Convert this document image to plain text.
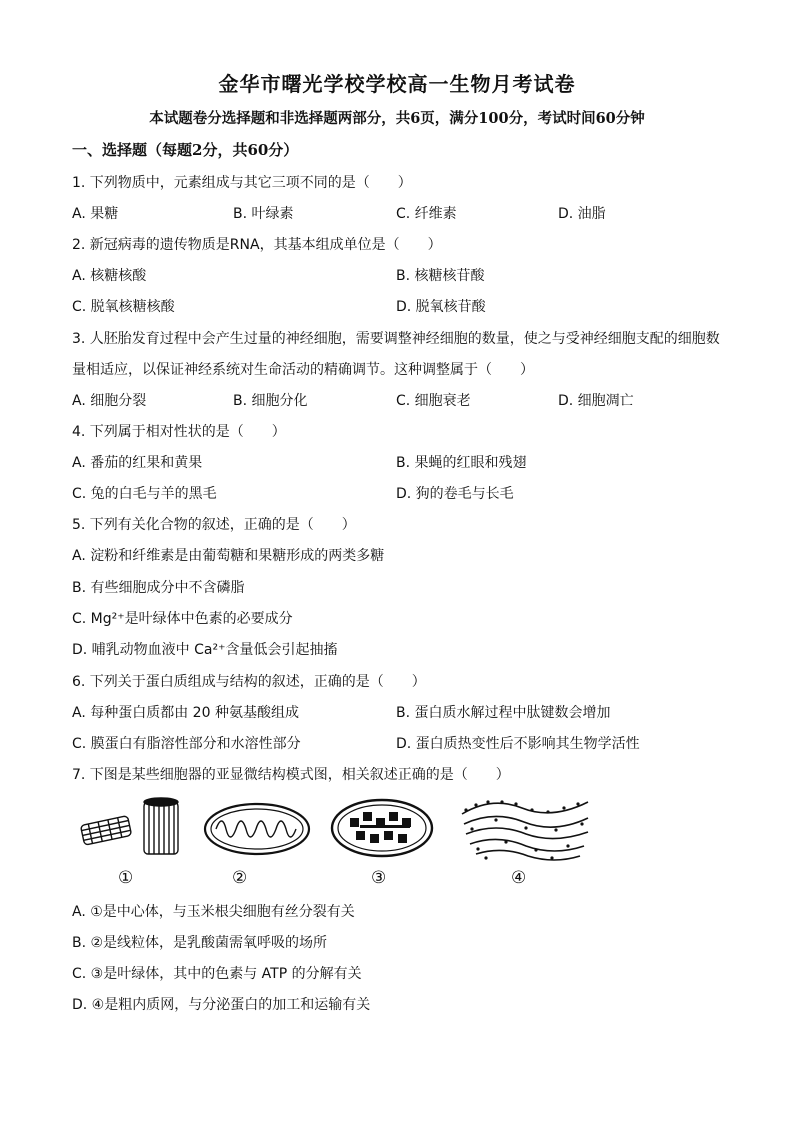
金华市曙光学校学校高一生物月考试卷
本试题卷分选择题和非选择题两部分，共6页，满分100分，考试时间60分钟
一、选择题（每题2分，共60分）
1. 下列物质中，元素组成与其它三项不同的是（　　）
A. 果糖	B. 叶绿素	C. 纤维素	D. 油脂
2. 新冠病毒的遗传物质是RNA，其基本组成单位是（　　）
A. 核糖核酸	B. 核糖核苷酸
C. 脱氧核糖核酸	D. 脱氧核苷酸
3. 人胚胎发育过程中会产生过量的神经细胞，需要调整神经细胞的数量，使之与受神经细胞支配的细胞数
量相适应，以保证神经系统对生命活动的精确调节。这种调整属于（　　）
A. 细胞分裂	B. 细胞分化	C. 细胞衰老	D. 细胞凋亡
4. 下列属于相对性状的是（　　）
A. 番茄的红果和黄果	B. 果蝇的红眼和残翅
C. 兔的白毛与羊的黑毛	D. 狗的卷毛与长毛
5. 下列有关化合物的叙述，正确的是（　　）
A. 淀粉和纤维素是由葡萄糖和果糖形成的两类多糖
B. 有些细胞成分中不含磷脂
C. Mg²⁺是叶绿体中色素的必要成分
D. 哺乳动物血液中 Ca²⁺含量低会引起抽搐
6. 下列关于蛋白质组成与结构的叙述，正确的是（　　）
A. 每种蛋白质都由 20 种氨基酸组成	B. 蛋白质水解过程中肽键数会增加
C. 膜蛋白有脂溶性部分和水溶性部分	D. 蛋白质热变性后不影响其生物学活性
7. 下图是某些细胞器的亚显微结构模式图，相关叙述正确的是（　　）
①	②	③	④
A. ①是中心体，与玉米根尖细胞有丝分裂有关
B. ②是线粒体，是乳酸菌需氧呼吸的场所
C. ③是叶绿体，其中的色素与 ATP 的分解有关
D. ④是粗内质网，与分泌蛋白的加工和运输有关
